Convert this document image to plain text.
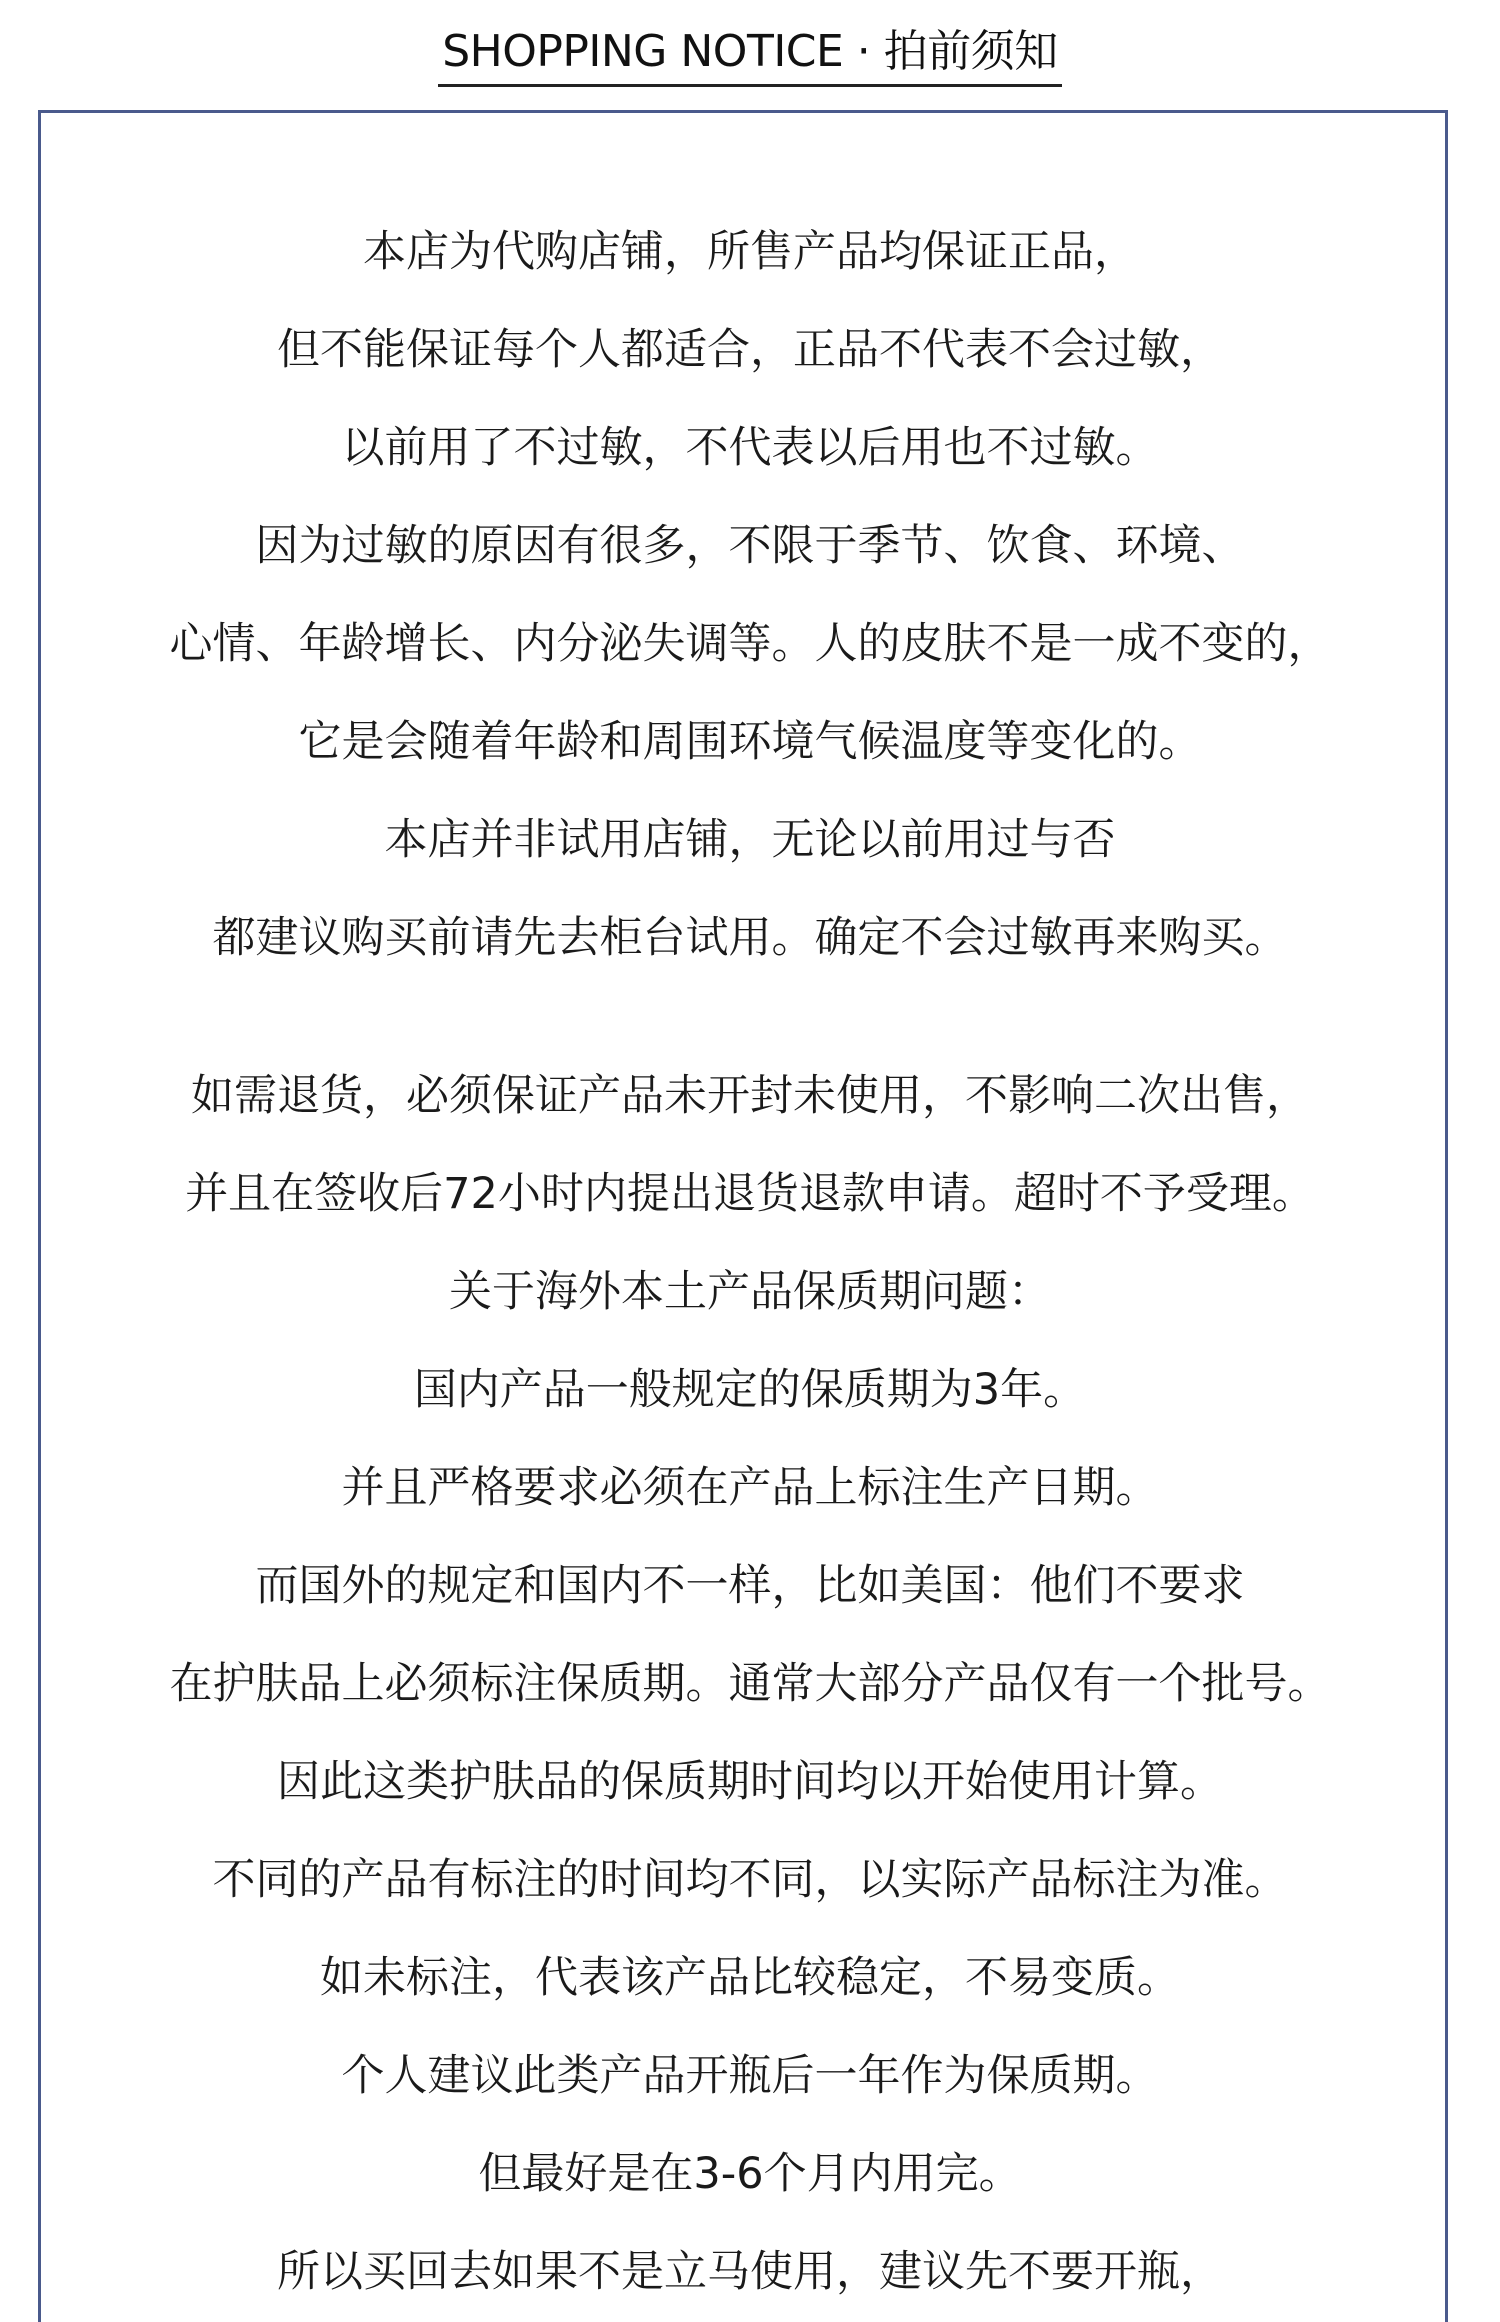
SHOPPING NOTICE · 拍前须知
本店为代购店铺，所售产品均保证正品，
但不能保证每个人都适合，正品不代表不会过敏，
以前用了不过敏，不代表以后用也不过敏。
因为过敏的原因有很多，不限于季节、饮食、环境、
心情、年龄增长、内分泌失调等。人的皮肤不是一成不变的，
它是会随着年龄和周围环境气候温度等变化的。
本店并非试用店铺，无论以前用过与否
都建议购买前请先去柜台试用。确定不会过敏再来购买。
如需退货，必须保证产品未开封未使用，不影响二次出售，
并且在签收后72小时内提出退货退款申请。超时不予受理。
关于海外本土产品保质期问题：
国内产品一般规定的保质期为3年。
并且严格要求必须在产品上标注生产日期。
而国外的规定和国内不一样，比如美国：他们不要求
在护肤品上必须标注保质期。通常大部分产品仅有一个批号。
因此这类护肤品的保质期时间均以开始使用计算。
不同的产品有标注的时间均不同，以实际产品标注为准。
如未标注，代表该产品比较稳定，不易变质。
个人建议此类产品开瓶后一年作为保质期。
但最好是在3-6个月内用完。
所以买回去如果不是立马使用，建议先不要开瓶，
